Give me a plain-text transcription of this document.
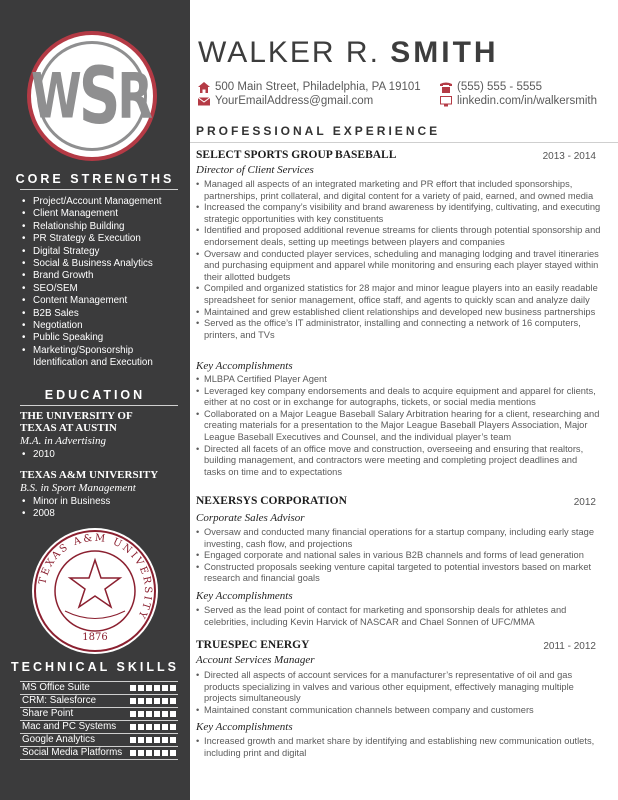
W
S
R
CORE STRENGTHS
• Project/Account Management
• Client Management
• Relationship Building
• PR Strategy & Execution
• Digital Strategy
• Social & Business Analytics
• Brand Growth
• SEO/SEM
• Content Management
• B2B Sales
• Negotiation
• Public Speaking
• Marketing/Sponsorship Identification and Execution
EDUCATION
THE UNIVERSITY OF TEXAS AT AUSTIN
M.A. in Advertising
• 2010
TEXAS A&M UNIVERSITY
B.S. in Sport Management
• Minor in Business
• 2008
TEXAS A&M UNIVERSITY
1876
TECHNICAL SKILLS
MS Office Suite
CRM: Salesforce
Share Point
Mac and PC Systems
Google Analytics
Social Media Platforms
WALKER R. SMITH
500 Main Street, Philadelphia, PA 19101
YourEmailAddress@gmail.com
(555) 555 - 5555
linkedin.com/in/walkersmith
PROFESSIONAL EXPERIENCE
SELECT SPORTS GROUP BASEBALL	2013 - 2014
Director of Client Services
• Managed all aspects of an integrated marketing and PR effort that included sponsorships, partnerships, print collateral, and digital content for a variety of paid, earned, and owned media
• Increased the company’s visibility and brand awareness by identifying, cultivating, and executing strategic opportunities with key constituents
• Identified and proposed additional revenue streams for clients through potential sponsorship and endorsement deals, setting up meetings between players and companies
• Oversaw and conducted player services, scheduling and managing lodging and travel itineraries and purchasing equipment and apparel while monitoring and ensuring each player stayed within their allotted budgets
• Compiled and organized statistics for 28 major and minor league players into an easily readable spreadsheet for senior management, office staff, and agents to quickly scan and analyze daily
• Maintained and grew established client relationships and developed new business partnerships
• Served as the office’s IT administrator, installing and connecting a network of 16 computers, printers, and TVs
Key Accomplishments
• MLBPA Certified Player Agent
• Leveraged key company endorsements and deals to acquire equipment and apparel for clients, either at no cost or in exchange for autographs, tickets, or social media mentions
• Collaborated on a Major League Baseball Salary Arbitration hearing for a client, researching and creating materials for a presentation to the Major League Baseball Players Association, Major League Baseball Executives and Counsel, and the individual player’s team
• Directed all facets of an office move and construction, overseeing and ensuring that realtors, building management, and contractors were meeting and completing project deadlines and tasks on time and to expectations
NEXERSYS CORPORATION	2012
Corporate Sales Advisor
• Oversaw and conducted many financial operations for a startup company, including early stage investing, cash flow, and projections
• Engaged corporate and national sales in various B2B channels and forms of lead generation
• Constructed proposals seeking venture capital targeted to potential investors based on market research and financial goals
Key Accomplishments
• Served as the lead point of contact for marketing and sponsorship deals for athletes and celebrities, including Kevin Harvick of NASCAR and Chael Sonnen of UFC/MMA
TRUESPEC ENERGY	2011 - 2012
Account Services Manager
• Directed all aspects of account services for a manufacturer’s representative of oil and gas products specializing in valves and various other equipment, effectively managing multiple projects simultaneously
• Maintained constant communication channels between company and customers
Key Accomplishments
• Increased growth and market share by identifying and establishing new communication outlets, including print and digital
